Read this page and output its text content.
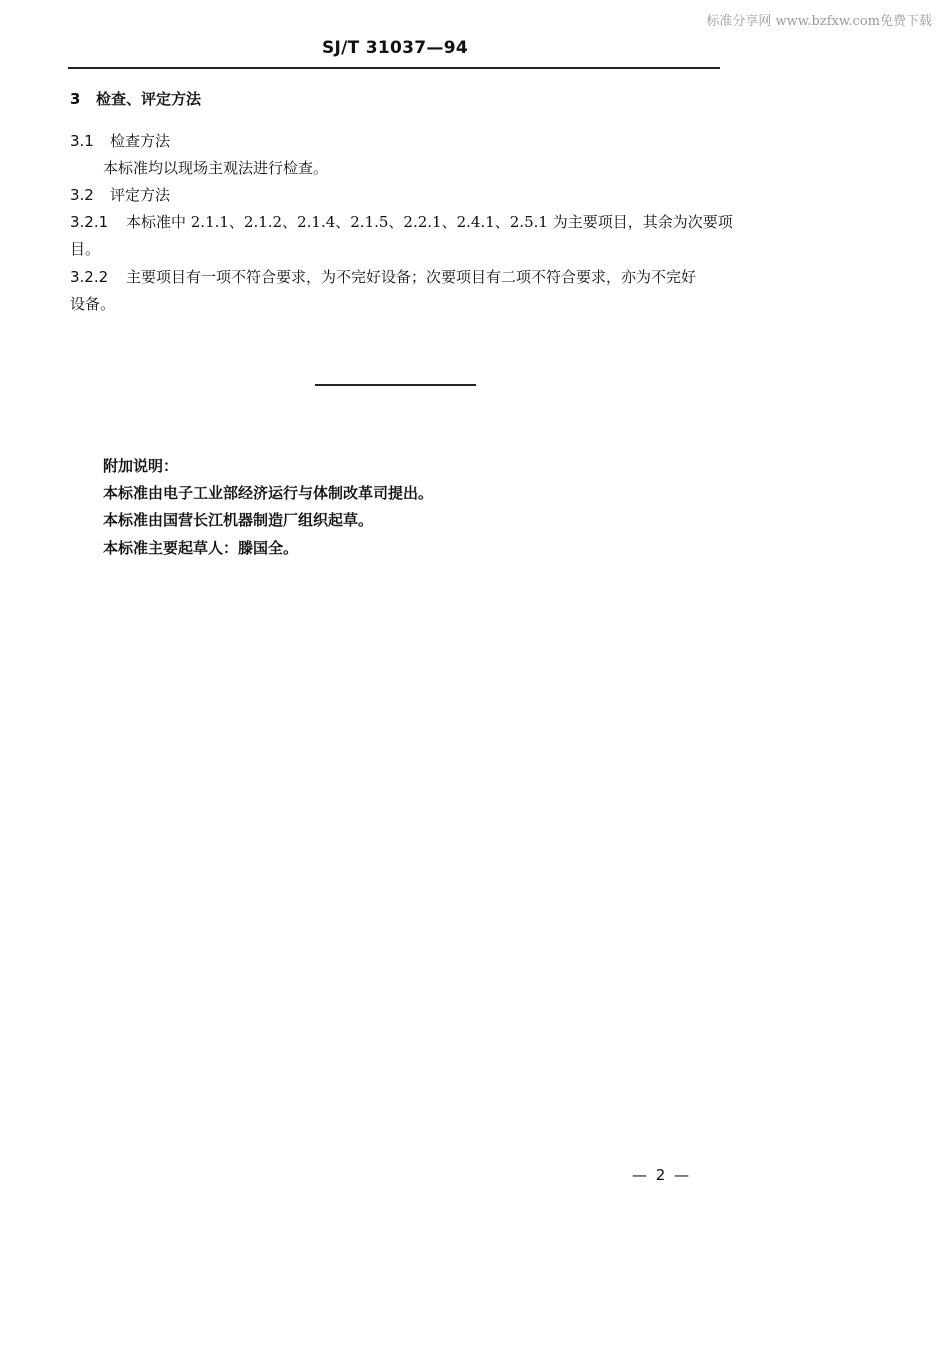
标准分享网 www.bzfxw.com免费下载
SJ/T 31037—94
3 检查、评定方法
3.1 检查方法
本标准均以现场主观法进行检查。
3.2 评定方法
3.2.1 本标准中 2.1.1、2.1.2、2.1.4、2.1.5、2.2.1、2.4.1、2.5.1 为主要项目，其余为次要项
目。
3.2.2 主要项目有一项不符合要求，为不完好设备；次要项目有二项不符合要求，亦为不完好
设备。
附加说明：
本标准由电子工业部经济运行与体制改革司提出。
本标准由国营长江机器制造厂组织起草。
本标准主要起草人：滕国全。
— 2 —
